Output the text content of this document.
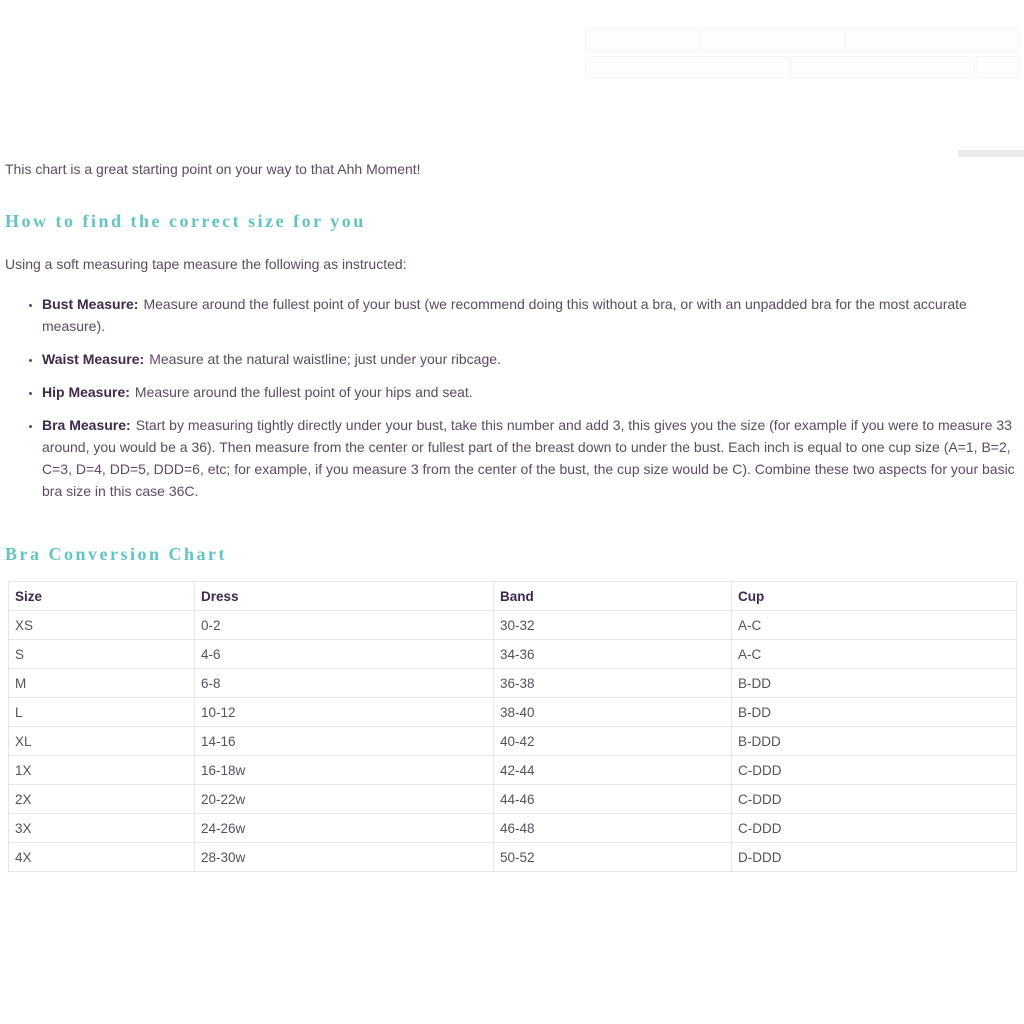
This chart is a great starting point on your way to that Ahh Moment!

How to find the correct size for you

Using a soft measuring tape measure the following as instructed:

• Bust Measure: Measure around the fullest point of your bust (we recommend doing this without a bra, or with an unpadded bra for the most accurate measure).
• Waist Measure: Measure at the natural waistline; just under your ribcage.
• Hip Measure: Measure around the fullest point of your hips and seat.
• Bra Measure: Start by measuring tightly directly under your bust, take this number and add 3, this gives you the size (for example if you were to measure 33 around, you would be a 36). Then measure from the center or fullest part of the breast down to under the bust. Each inch is equal to one cup size (A=1, B=2, C=3, D=4, DD=5, DDD=6, etc; for example, if you measure 3 from the center of the bust, the cup size would be C). Combine these two aspects for your basic bra size in this case 36C.
Bra Conversion Chart
Size	Dress	Band	Cup
XS	0-2	30-32	A-C
S	4-6	34-36	A-C
M	6-8	36-38	B-DD
L	10-12	38-40	B-DD
XL	14-16	40-42	B-DDD
1X	16-18w	42-44	C-DDD
2X	20-22w	44-46	C-DDD
3X	24-26w	46-48	C-DDD
4X	28-30w	50-52	D-DDD
